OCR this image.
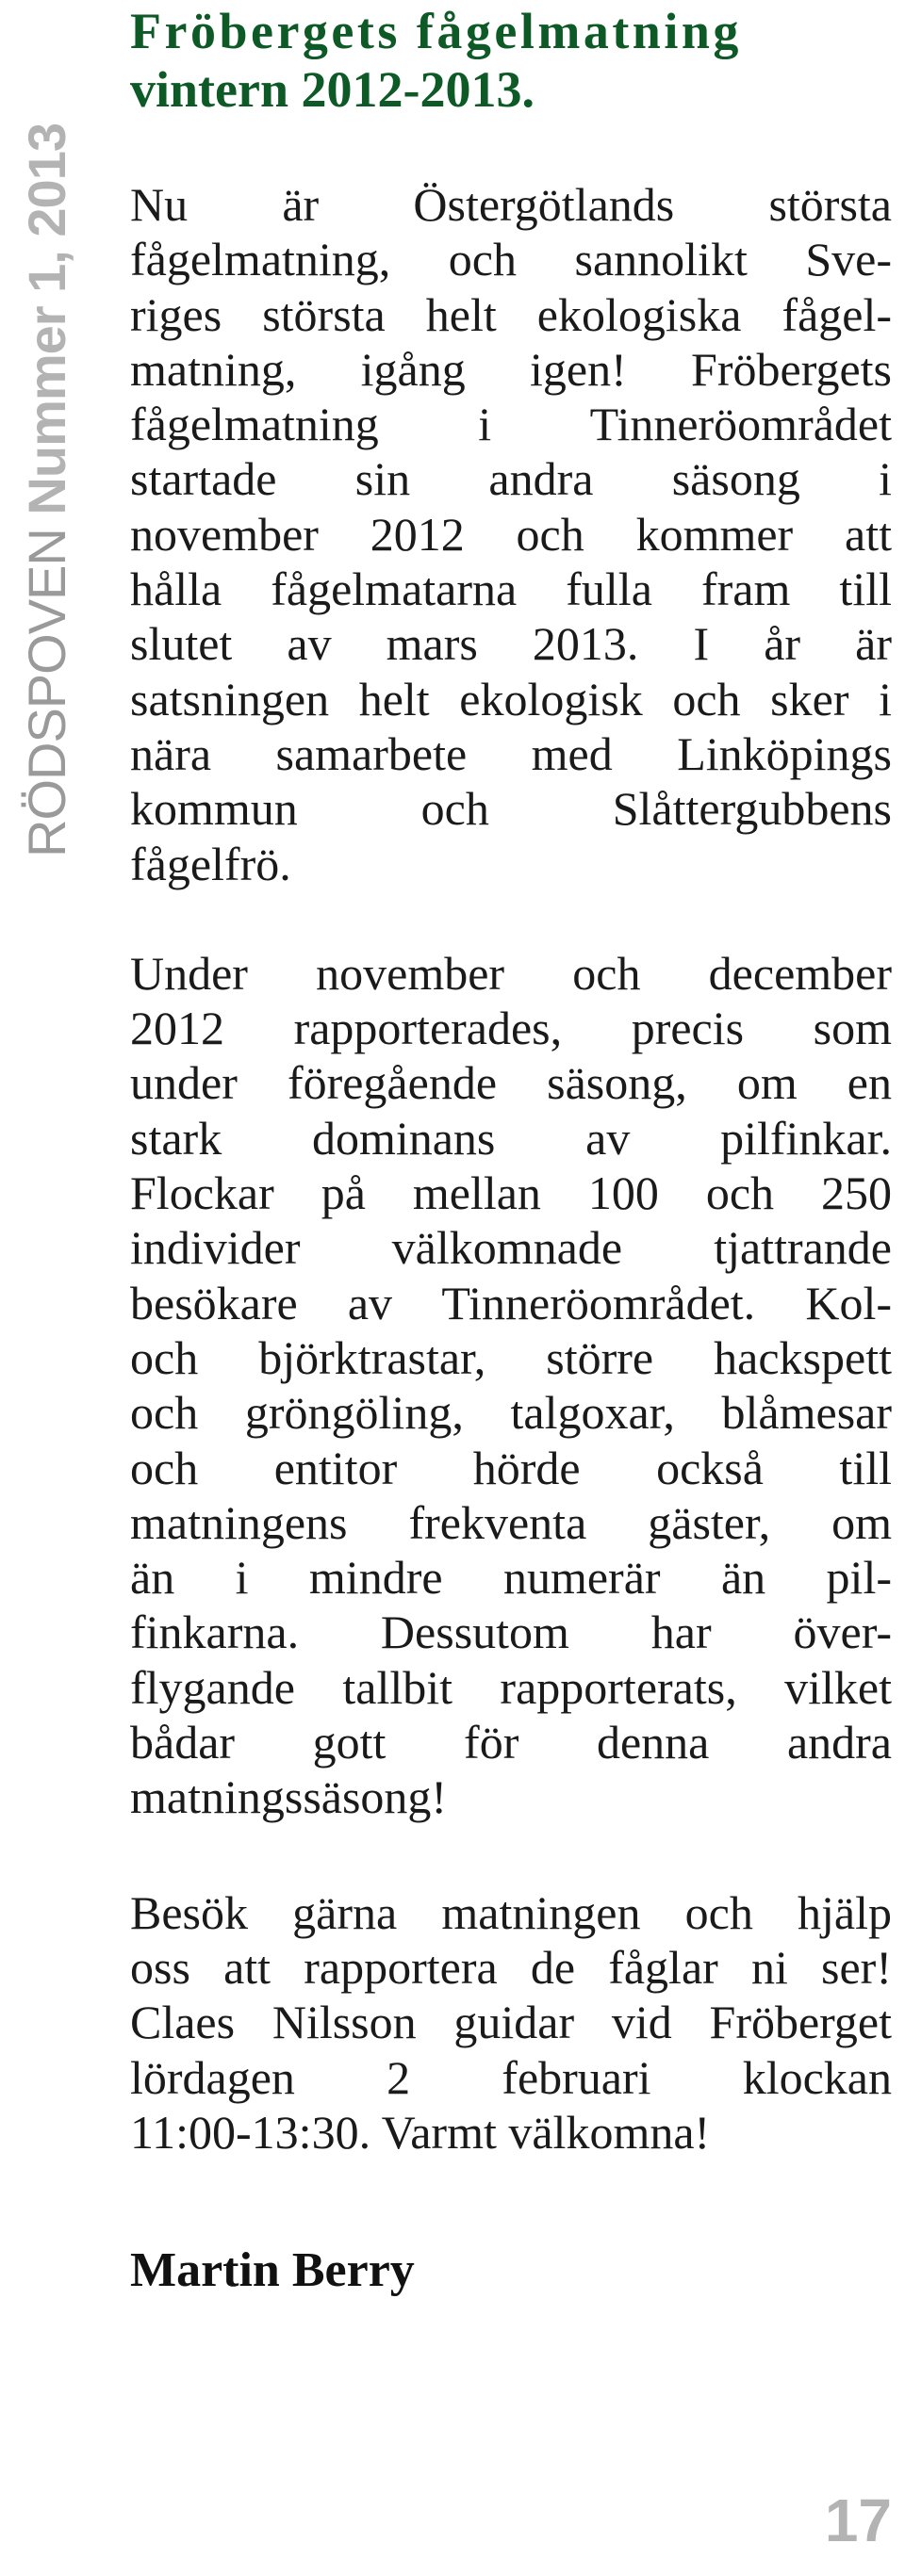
RÖDSPOVEN Nummer 1, 2013
Fröbergets fågelmatning
vintern 2012-2013.
Nu är Östergötlands största
fågelmatning, och sannolikt Sve-
riges största helt ekologiska fågel-
matning, igång igen! Fröbergets
fågelmatning i Tinneröområdet
startade sin andra säsong i
november 2012 och kommer att
hålla fågelmatarna fulla fram till
slutet av mars 2013. I år är
satsningen helt ekologisk och sker i
nära samarbete med Linköpings
kommun och Slåttergubbens
fågelfrö.
Under november och december
2012 rapporterades, precis som
under föregående säsong, om en
stark dominans av pilfinkar.
Flockar på mellan 100 och 250
individer välkomnade tjattrande
besökare av Tinneröområdet. Kol-
och björktrastar, större hackspett
och gröngöling, talgoxar, blåmesar
och entitor hörde också till
matningens frekventa gäster, om
än i mindre numerär än pil-
finkarna. Dessutom har över-
flygande tallbit rapporterats, vilket
bådar gott för denna andra
matningssäsong!
Besök gärna matningen och hjälp
oss att rapportera de fåglar ni ser!
Claes Nilsson guidar vid Fröberget
lördagen 2 februari klockan
11:00-13:30. Varmt välkomna!
Martin Berry
17
